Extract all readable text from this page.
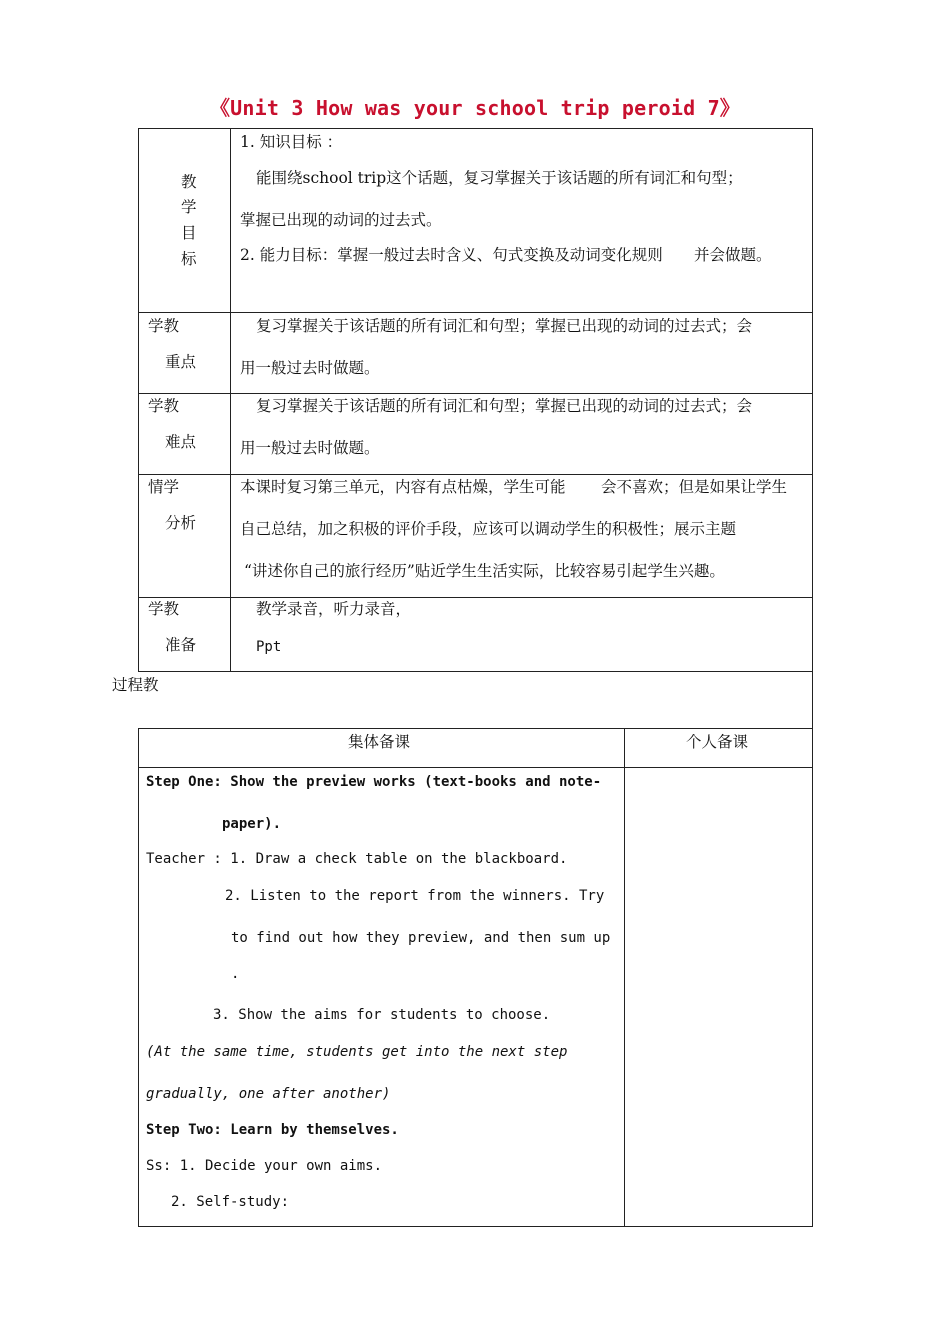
《Unit 3 How was your school trip peroid 7》
教
学
目
标
1. 知识目标 ：
能围绕school trip这个话题，复习掌握关于该话题的所有词汇和句型；
掌握已出现的动词的过去式。
2. 能力目标：掌握一般过去时含义、句式变换及动词变化规则 并会做题。
学教
重点
复习掌握关于该话题的所有词汇和句型；掌握已出现的动词的过去式；会
用一般过去时做题。
学教
难点
复习掌握关于该话题的所有词汇和句型；掌握已出现的动词的过去式；会
用一般过去时做题。
情学
分析
本课时复习第三单元，内容有点枯燥，学生可能 会不喜欢；但是如果让学生
自己总结，加之积极的评价手段，应该可以调动学生的积极性；展示主题
“讲述你自己的旅行经历”贴近学生生活实际，比较容易引起学生兴趣。
学教
准备
教学录音，听力录音，
Ppt
过程教
集体备课	个人备课
Step One: Show the preview works (text-books and note-
paper).
Teacher : 1. Draw a check table on the blackboard.
2. Listen to the report from the winners. Try
to find out how they preview, and then sum up
.
3. Show the aims for students to choose.
(At the same time, students get into the next step
gradually, one after another)
Step Two: Learn by themselves.
Ss: 1. Decide your own aims.
2. Self-study:
